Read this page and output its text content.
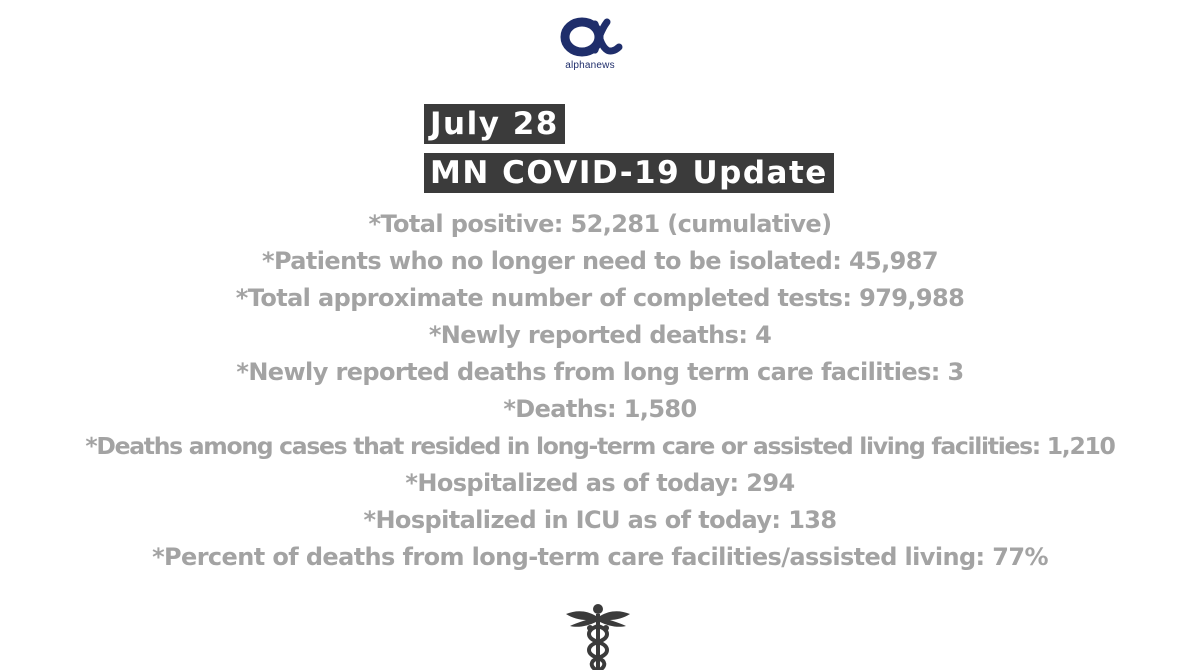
alphanews
July 28
MN COVID-19 Update
*Total positive: 52,281 (cumulative)
*Patients who no longer need to be isolated: 45,987
*Total approximate number of completed tests: 979,988
*Newly reported deaths: 4
*Newly reported deaths from long term care facilities: 3
*Deaths: 1,580
*Deaths among cases that resided in long-term care or assisted living facilities: 1,210
*Hospitalized as of today: 294
*Hospitalized in ICU as of today: 138
*Percent of deaths from long-term care facilities/assisted living: 77%
